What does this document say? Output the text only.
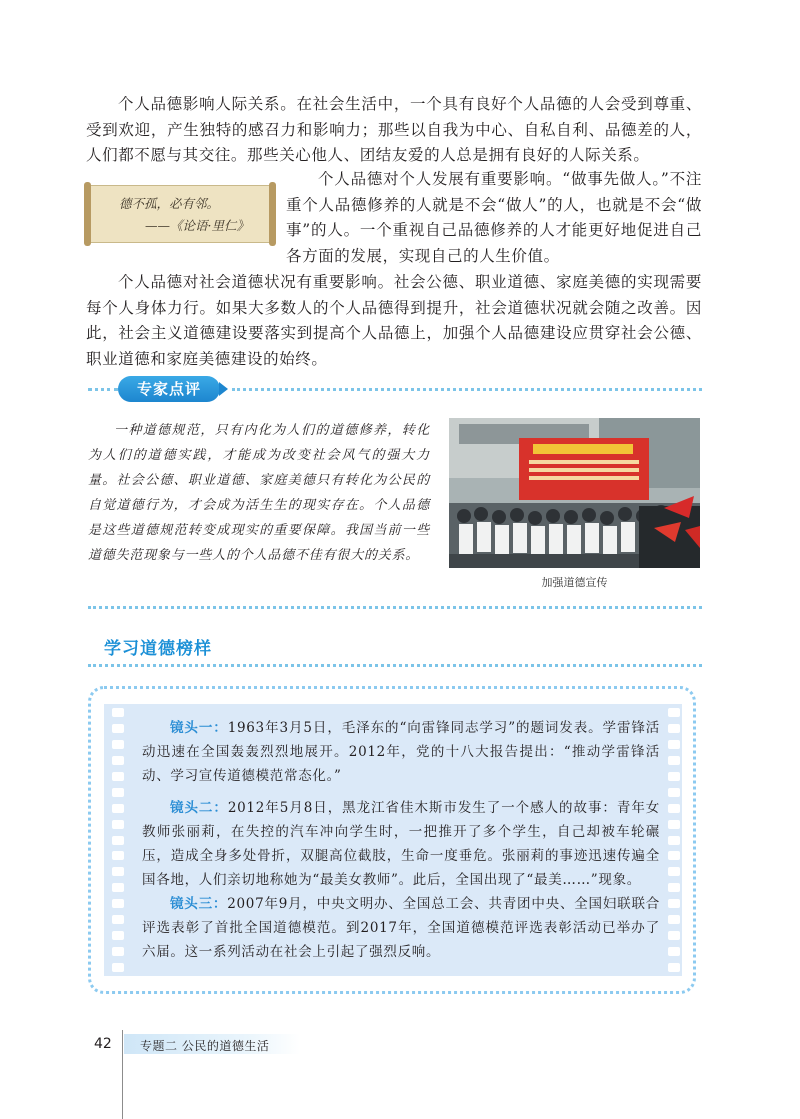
个人品德影响人际关系。在社会生活中，一个具有良好个人品德的人会受到尊重、受到欢迎，产生独特的感召力和影响力；那些以自我为中心、自私自利、品德差的人，人们都不愿与其交往。那些关心他人、团结友爱的人总是拥有良好的人际关系。

德不孤，必有邻。
——《论语·里仁》

个人品德对个人发展有重要影响。“做事先做人。”不注重个人品德修养的人就是不会“做人”的人，也就是不会“做事”的人。一个重视自己品德修养的人才能更好地促进自己各方面的发展，实现自己的人生价值。

个人品德对社会道德状况有重要影响。社会公德、职业道德、家庭美德的实现需要每个人身体力行。如果大多数人的个人品德得到提升，社会道德状况就会随之改善。因此，社会主义道德建设要落实到提高个人品德上，加强个人品德建设应贯穿社会公德、职业道德和家庭美德建设的始终。

专家点评

一种道德规范，只有内化为人们的道德修养，转化为人们的道德实践，才能成为改变社会风气的强大力量。社会公德、职业道德、家庭美德只有转化为公民的自觉道德行为，才会成为活生生的现实存在。个人品德是这些道德规范转变成现实的重要保障。我国当前一些道德失范现象与一些人的个人品德不佳有很大的关系。

加强道德宣传
学习道德榜样

镜头一：1963年3月5日，毛泽东的“向雷锋同志学习”的题词发表。学雷锋活动迅速在全国轰轰烈烈地展开。2012年，党的十八大报告提出：“推动学雷锋活动、学习宣传道德模范常态化。”

镜头二：2012年5月8日，黑龙江省佳木斯市发生了一个感人的故事：青年女教师张丽莉，在失控的汽车冲向学生时，一把推开了多个学生，自己却被车轮碾压，造成全身多处骨折，双腿高位截肢，生命一度垂危。张丽莉的事迹迅速传遍全国各地，人们亲切地称她为“最美女教师”。此后，全国出现了“最美……”现象。

镜头三：2007年9月，中央文明办、全国总工会、共青团中央、全国妇联联合评选表彰了首批全国道德模范。到2017年，全国道德模范评选表彰活动已举办了六届。这一系列活动在社会上引起了强烈反响。

42 专题二 公民的道德生活
